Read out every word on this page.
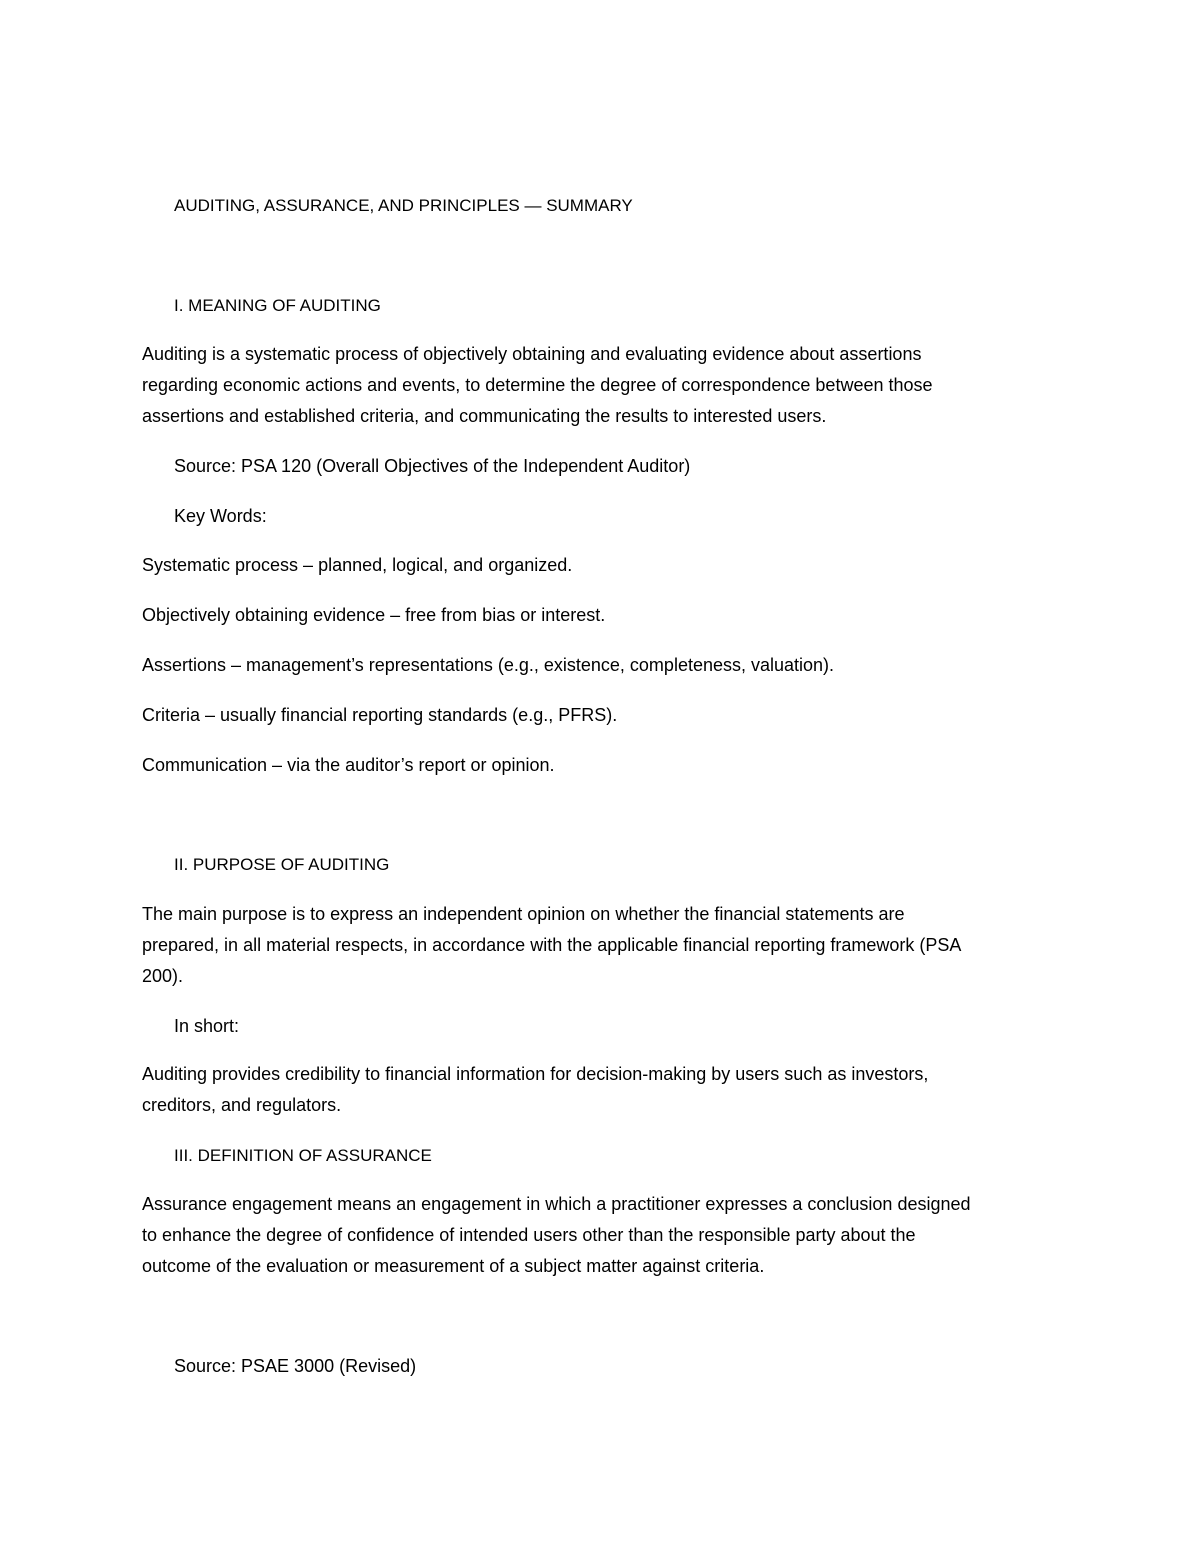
AUDITING, ASSURANCE, AND PRINCIPLES — SUMMARY
I. MEANING OF AUDITING
Auditing is a systematic process of objectively obtaining and evaluating evidence about assertions
regarding economic actions and events, to determine the degree of correspondence between those
assertions and established criteria, and communicating the results to interested users.
Source: PSA 120 (Overall Objectives of the Independent Auditor)
Key Words:
Systematic process – planned, logical, and organized.
Objectively obtaining evidence – free from bias or interest.
Assertions – management’s representations (e.g., existence, completeness, valuation).
Criteria – usually financial reporting standards (e.g., PFRS).
Communication – via the auditor’s report or opinion.
II. PURPOSE OF AUDITING
The main purpose is to express an independent opinion on whether the financial statements are
prepared, in all material respects, in accordance with the applicable financial reporting framework (PSA
200).
In short:
Auditing provides credibility to financial information for decision-making by users such as investors,
creditors, and regulators.
III. DEFINITION OF ASSURANCE
Assurance engagement means an engagement in which a practitioner expresses a conclusion designed
to enhance the degree of confidence of intended users other than the responsible party about the
outcome of the evaluation or measurement of a subject matter against criteria.
Source: PSAE 3000 (Revised)
